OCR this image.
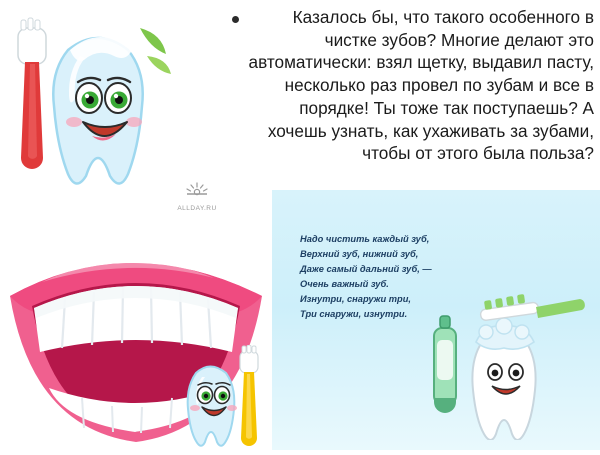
ALLDAY.RU
Казалось бы, что такого особенного в чистке зубов? Многие делают это автоматически: взял щетку, выдавил пасту, несколько раз провел по зубам и все в порядке! Ты тоже так поступаешь? А хочешь узнать, как ухаживать за зубами, чтобы от этого была польза?
Надо чистить каждый зуб,
Верхний зуб, нижний зуб,
Даже самый дальний зуб, —
Очень важный зуб.
Изнутри, снаружи три,
Три снаружи, изнутри.
